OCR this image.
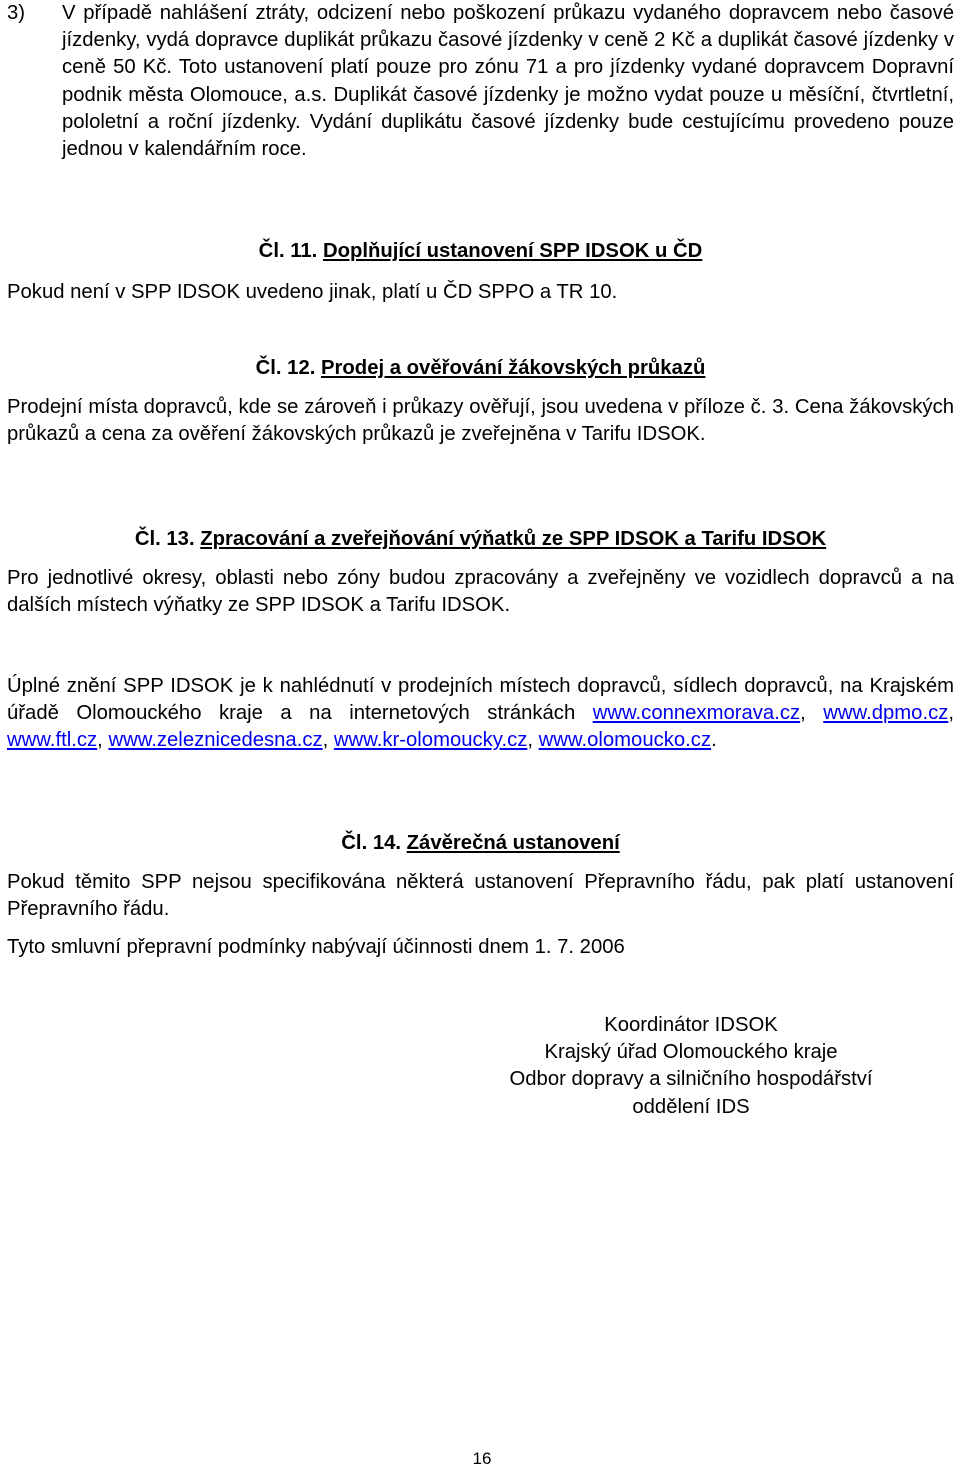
3) V případě nahlášení ztráty, odcizení nebo poškození průkazu vydaného dopravcem nebo časové jízdenky, vydá dopravce duplikát průkazu časové jízdenky v ceně 2 Kč a duplikát časové jízdenky v ceně 50 Kč. Toto ustanovení platí pouze pro zónu 71 a pro jízdenky vydané dopravcem Dopravní podnik města Olomouce, a.s. Duplikát časové jízdenky je možno vydat pouze u měsíční, čtvrtletní, pololetní a roční jízdenky. Vydání duplikátu časové jízdenky bude cestujícímu provedeno pouze jednou v kalendářním roce.

Čl. 11. Doplňující ustanovení SPP IDSOK u ČD

Pokud není v SPP IDSOK uvedeno jinak, platí u ČD SPPO a TR 10.

Čl. 12. Prodej a ověřování žákovských průkazů

Prodejní místa dopravců, kde se zároveň i průkazy ověřují, jsou uvedena v příloze č. 3. Cena žákovských průkazů a cena za ověření žákovských průkazů je zveřejněna v Tarifu IDSOK.

Čl. 13. Zpracování a zveřejňování výňatků ze SPP IDSOK a Tarifu IDSOK

Pro jednotlivé okresy, oblasti nebo zóny budou zpracovány a zveřejněny ve vozidlech dopravců a na dalších místech výňatky ze SPP IDSOK a Tarifu IDSOK.

Úplné znění SPP IDSOK je k nahlédnutí v prodejních místech dopravců, sídlech dopravců, na Krajském úřadě Olomouckého kraje a na internetových stránkách www.connexmorava.cz, www.dpmo.cz, www.ftl.cz, www.zeleznicedesna.cz, www.kr-olomoucky.cz, www.olomoucko.cz.

Čl. 14. Závěrečná ustanovení

Pokud těmito SPP nejsou specifikována některá ustanovení Přepravního řádu, pak platí ustanovení Přepravního řádu.

Tyto smluvní přepravní podmínky nabývají účinnosti dnem 1. 7. 2006

Koordinátor IDSOK
Krajský úřad Olomouckého kraje
Odbor dopravy a silničního hospodářství
oddělení IDS
16
